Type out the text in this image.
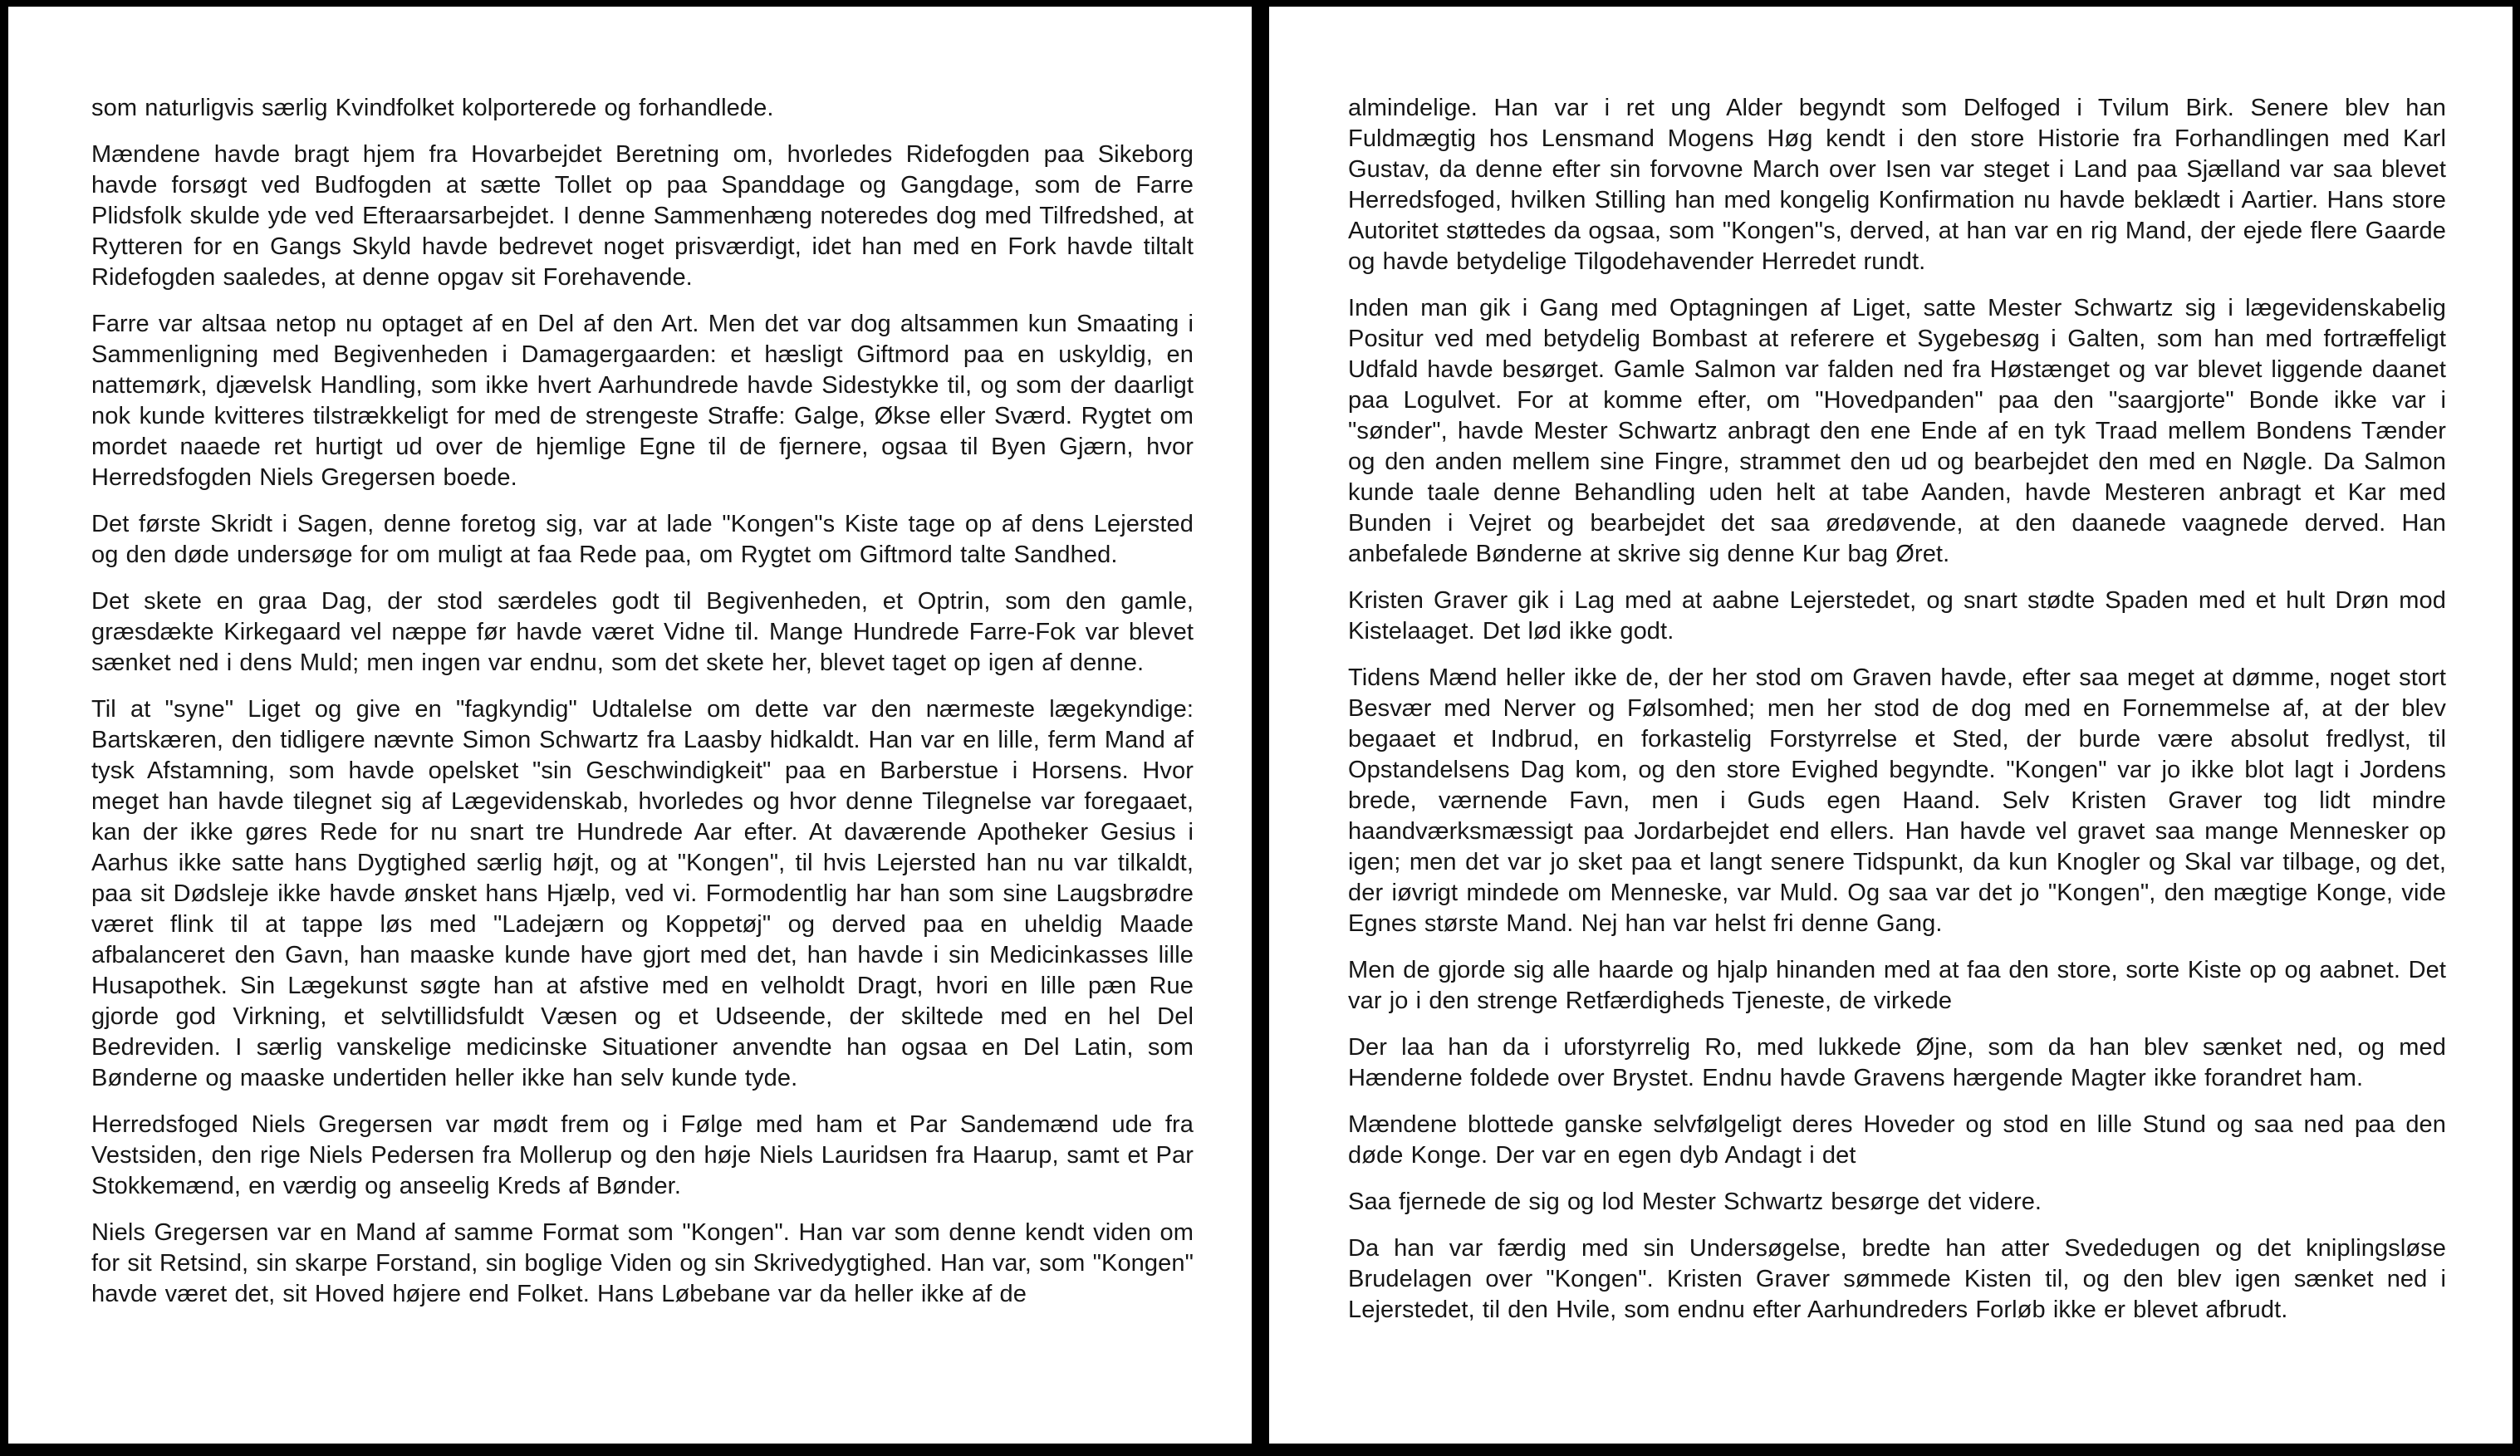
som naturligvis særlig Kvindfolket kolporterede og forhandlede.

Mændene havde bragt hjem fra Hovarbejdet Beretning om, hvorledes Ridefogden paa Sikeborg havde forsøgt ved Budfogden at sætte Tollet op paa Spanddage og Gangdage, som de Farre Plidsfolk skulde yde ved Efteraarsarbejdet. I denne Sammenhæng noteredes dog med Tilfredshed, at Rytteren for en Gangs Skyld havde bedrevet noget prisværdigt, idet han med en Fork havde tiltalt Ridefogden saaledes, at denne opgav sit Forehavende.

Farre var altsaa netop nu optaget af en Del af den Art. Men det var dog altsammen kun Smaating i Sammenligning med Begivenheden i Damagergaarden: et hæsligt Giftmord paa en uskyldig, en nattemørk, djævelsk Handling, som ikke hvert Aarhundrede havde Sidestykke til, og som der daarligt nok kunde kvitteres tilstrækkeligt for med de strengeste Straffe: Galge, Økse eller Sværd. Rygtet om mordet naaede ret hurtigt ud over de hjemlige Egne til de fjernere, ogsaa til Byen Gjærn, hvor Herredsfogden Niels Gregersen boede.

Det første Skridt i Sagen, denne foretog sig, var at lade "Kongen"s Kiste tage op af dens Lejersted og den døde undersøge for om muligt at faa Rede paa, om Rygtet om Giftmord talte Sandhed.

Det skete en graa Dag, der stod særdeles godt til Begivenheden, et Optrin, som den gamle, græsdækte Kirkegaard vel næppe før havde været Vidne til. Mange Hundrede Farre-Fok var blevet sænket ned i dens Muld; men ingen var endnu, som det skete her, blevet taget op igen af denne.

Til at "syne" Liget og give en "fagkyndig" Udtalelse om dette var den nærmeste lægekyndige: Bartskæren, den tidligere nævnte Simon Schwartz fra Laasby hidkaldt. Han var en lille, ferm Mand af tysk Afstamning, som havde opelsket "sin Geschwindigkeit" paa en Barberstue i Horsens. Hvor meget han havde tilegnet sig af Lægevidenskab, hvorledes og hvor denne Tilegnelse var foregaaet, kan der ikke gøres Rede for nu snart tre Hundrede Aar efter. At daværende Apotheker Gesius i Aarhus ikke satte hans Dygtighed særlig højt, og at "Kongen", til hvis Lejersted han nu var tilkaldt, paa sit Dødsleje ikke havde ønsket hans Hjælp, ved vi. Formodentlig har han som sine Laugsbrødre været flink til at tappe løs med "Ladejærn og Koppetøj" og derved paa en uheldig Maade afbalanceret den Gavn, han maaske kunde have gjort med det, han havde i sin Medicinkasses lille Husapothek. Sin Lægekunst søgte han at afstive med en velholdt Dragt, hvori en lille pæn Rue gjorde god Virkning, et selvtillidsfuldt Væsen og et Udseende, der skiltede med en hel Del Bedreviden. I særlig vanskelige medicinske Situationer anvendte han ogsaa en Del Latin, som Bønderne og maaske undertiden heller ikke han selv kunde tyde.

Herredsfoged Niels Gregersen var mødt frem og i Følge med ham et Par Sandemænd ude fra Vestsiden, den rige Niels Pedersen fra Mollerup og den høje Niels Lauridsen fra Haarup, samt et Par Stokkemænd, en værdig og anseelig Kreds af Bønder.

Niels Gregersen var en Mand af samme Format som "Kongen". Han var som denne kendt viden om for sit Retsind, sin skarpe Forstand, sin boglige Viden og sin Skrivedygtighed. Han var, som "Kongen" havde været det, sit Hoved højere end Folket. Hans Løbebane var da heller ikke af de

almindelige. Han var i ret ung Alder begyndt som Delfoged i Tvilum Birk. Senere blev han Fuldmægtig hos Lensmand Mogens Høg kendt i den store Historie fra Forhandlingen med Karl Gustav, da denne efter sin forvovne March over Isen var steget i Land paa Sjælland var saa blevet Herredsfoged, hvilken Stilling han med kongelig Konfirmation nu havde beklædt i Aartier. Hans store Autoritet støttedes da ogsaa, som "Kongen"s, derved, at han var en rig Mand, der ejede flere Gaarde og havde betydelige Tilgodehavender Herredet rundt.

Inden man gik i Gang med Optagningen af Liget, satte Mester Schwartz sig i lægevidenskabelig Positur ved med betydelig Bombast at referere et Sygebesøg i Galten, som han med fortræffeligt Udfald havde besørget. Gamle Salmon var falden ned fra Høstænget og var blevet liggende daanet paa Logulvet. For at komme efter, om "Hovedpanden" paa den "saargjorte" Bonde ikke var i "sønder", havde Mester Schwartz anbragt den ene Ende af en tyk Traad mellem Bondens Tænder og den anden mellem sine Fingre, strammet den ud og bearbejdet den med en Nøgle. Da Salmon kunde taale denne Behandling uden helt at tabe Aanden, havde Mesteren anbragt et Kar med Bunden i Vejret og bearbejdet det saa øredøvende, at den daanede vaagnede derved. Han anbefalede Bønderne at skrive sig denne Kur bag Øret.

Kristen Graver gik i Lag med at aabne Lejerstedet, og snart stødte Spaden med et hult Drøn mod Kistelaaget. Det lød ikke godt.

Tidens Mænd heller ikke de, der her stod om Graven havde, efter saa meget at dømme, noget stort Besvær med Nerver og Følsomhed; men her stod de dog med en Fornemmelse af, at der blev begaaet et Indbrud, en forkastelig Forstyrrelse et Sted, der burde være absolut fredlyst, til Opstandelsens Dag kom, og den store Evighed begyndte. "Kongen" var jo ikke blot lagt i Jordens brede, værnende Favn, men i Guds egen Haand. Selv Kristen Graver tog lidt mindre haandværksmæssigt paa Jordarbejdet end ellers. Han havde vel gravet saa mange Mennesker op igen; men det var jo sket paa et langt senere Tidspunkt, da kun Knogler og Skal var tilbage, og det, der iøvrigt mindede om Menneske, var Muld. Og saa var det jo "Kongen", den mægtige Konge, vide Egnes største Mand. Nej han var helst fri denne Gang.

Men de gjorde sig alle haarde og hjalp hinanden med at faa den store, sorte Kiste op og aabnet. Det var jo i den strenge Retfærdigheds Tjeneste, de virkede

Der laa han da i uforstyrrelig Ro, med lukkede Øjne, som da han blev sænket ned, og med Hænderne foldede over Brystet. Endnu havde Gravens hærgende Magter ikke forandret ham.

Mændene blottede ganske selvfølgeligt deres Hoveder og stod en lille Stund og saa ned paa den døde Konge. Der var en egen dyb Andagt i det

Saa fjernede de sig og lod Mester Schwartz besørge det videre.

Da han var færdig med sin Undersøgelse, bredte han atter Svededugen og det kniplingsløse Brudelagen over "Kongen". Kristen Graver sømmede Kisten til, og den blev igen sænket ned i Lejerstedet, til den Hvile, som endnu efter Aarhundreders Forløb ikke er blevet afbrudt.
